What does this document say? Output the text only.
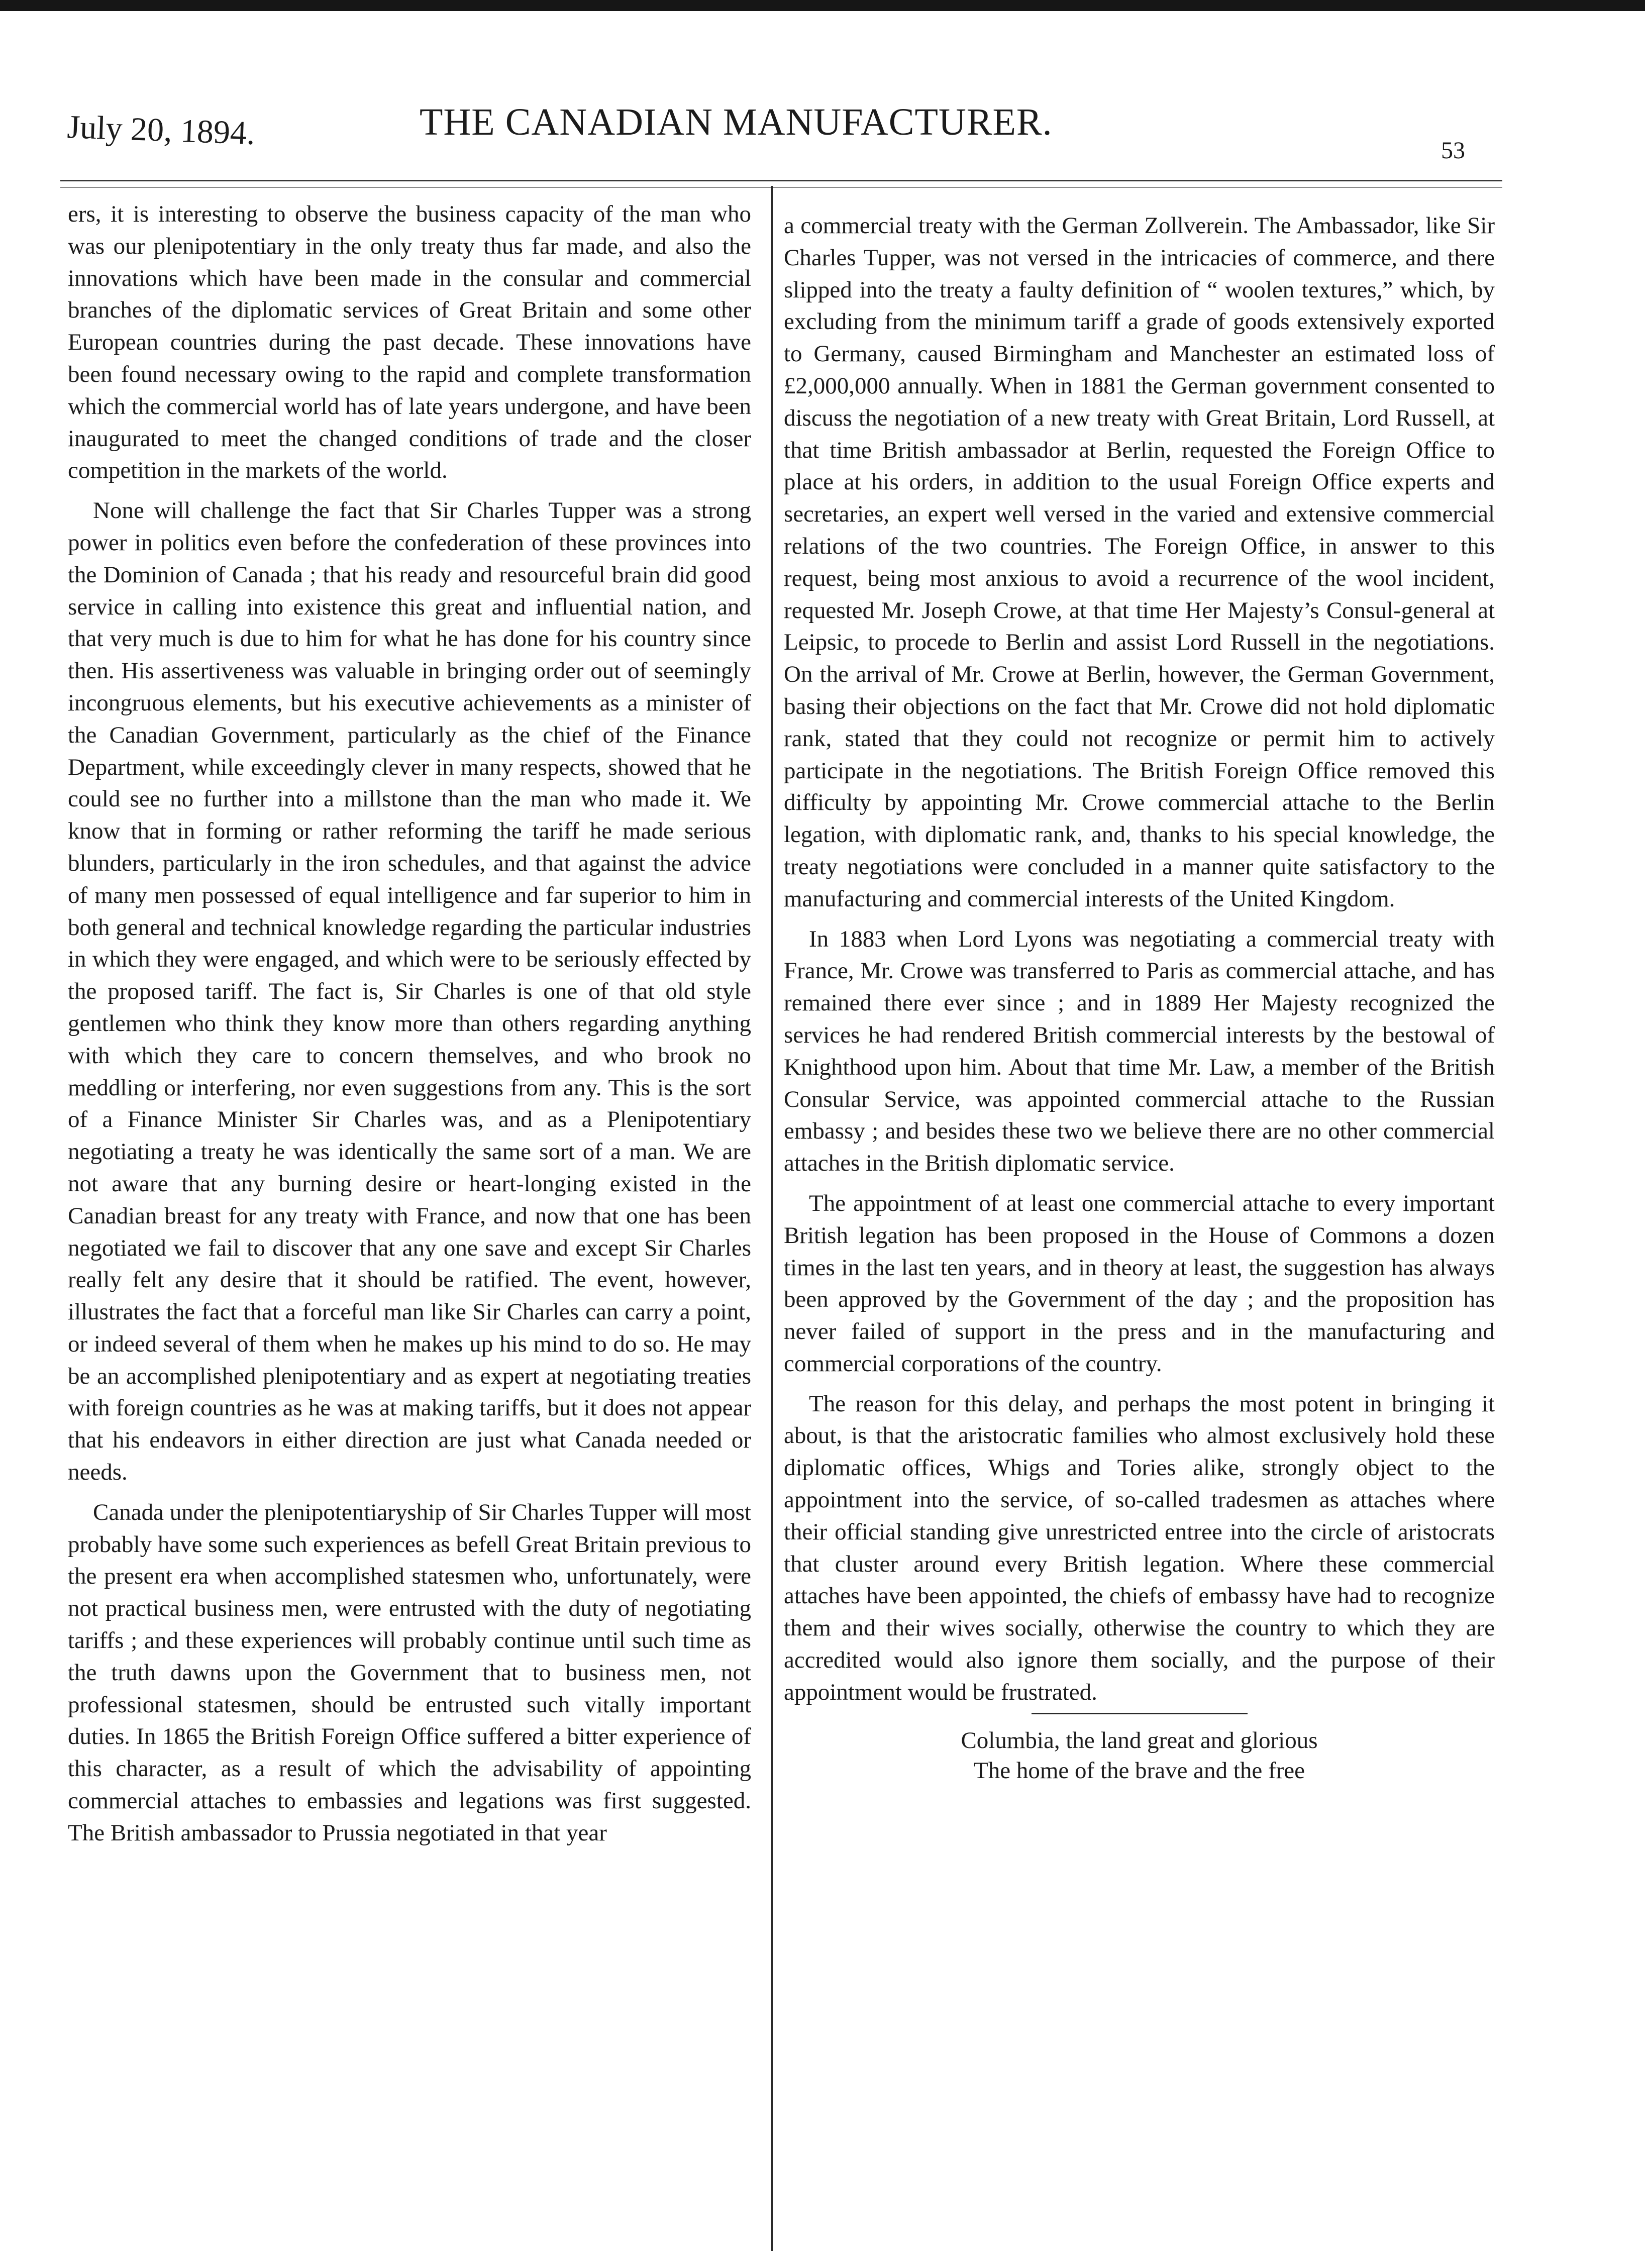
July 20, 1894.	THE CANADIAN MANUFACTURER.
53

ers, it is interesting to observe the business capacity of the man who was our plenipotentiary in the only treaty thus far made, and also the innovations which have been made in the consular and commercial branches of the diplomatic services of Great Britain and some other European countries during the past decade. These innovations have been found necessary owing to the rapid and complete transformation which the commercial world has of late years undergone, and have been inaugurated to meet the changed conditions of trade and the closer competition in the markets of the world.

None will challenge the fact that Sir Charles Tupper was a strong power in politics even before the confederation of these provinces into the Dominion of Canada ; that his ready and resourceful brain did good service in calling into existence this great and influential nation, and that very much is due to him for what he has done for his country since then. His assertiveness was valuable in bringing order out of seemingly incongruous elements, but his executive achievements as a minister of the Canadian Government, particularly as the chief of the Finance Department, while exceedingly clever in many respects, showed that he could see no further into a millstone than the man who made it. We know that in forming or rather reforming the tariff he made serious blunders, particularly in the iron schedules, and that against the advice of many men possessed of equal intelligence and far superior to him in both general and technical knowledge regarding the particular industries in which they were engaged, and which were to be seriously effected by the proposed tariff. The fact is, Sir Charles is one of that old style gentlemen who think they know more than others regarding anything with which they care to concern themselves, and who brook no meddling or interfering, nor even suggestions from any. This is the sort of a Finance Minister Sir Charles was, and as a Plenipotentiary negotiating a treaty he was identically the same sort of a man. We are not aware that any burning desire or heart-longing existed in the Canadian breast for any treaty with France, and now that one has been negotiated we fail to discover that any one save and except Sir Charles really felt any desire that it should be ratified. The event, however, illustrates the fact that a forceful man like Sir Charles can carry a point, or indeed several of them when he makes up his mind to do so. He may be an accomplished plenipotentiary and as expert at negotiating treaties with foreign countries as he was at making tariffs, but it does not appear that his endeavors in either direction are just what Canada needed or needs.

Canada under the plenipotentiaryship of Sir Charles Tupper will most probably have some such experiences as befell Great Britain previous to the present era when accomplished statesmen who, unfortunately, were not practical business men, were entrusted with the duty of negotiating tariffs ; and these experiences will probably continue until such time as the truth dawns upon the Government that to business men, not professional statesmen, should be entrusted such vitally important duties. In 1865 the British Foreign Office suffered a bitter experience of this character, as a result of which the advisability of appointing commercial attaches to embassies and legations was first suggested. The British ambassador to Prussia negotiated in that year

a commercial treaty with the German Zollverein. The Ambassador, like Sir Charles Tupper, was not versed in the intricacies of commerce, and there slipped into the treaty a faulty definition of “ woolen textures,” which, by excluding from the minimum tariff a grade of goods extensively exported to Germany, caused Birmingham and Manchester an estimated loss of £2,000,000 annually. When in 1881 the German government consented to discuss the negotiation of a new treaty with Great Britain, Lord Russell, at that time British ambassador at Berlin, requested the Foreign Office to place at his orders, in addition to the usual Foreign Office experts and secretaries, an expert well versed in the varied and extensive commercial relations of the two countries. The Foreign Office, in answer to this request, being most anxious to avoid a recurrence of the wool incident, requested Mr. Joseph Crowe, at that time Her Majesty’s Consul-general at Leipsic, to procede to Berlin and assist Lord Russell in the negotiations. On the arrival of Mr. Crowe at Berlin, however, the German Government, basing their objections on the fact that Mr. Crowe did not hold diplomatic rank, stated that they could not recognize or permit him to actively participate in the negotiations. The British Foreign Office removed this difficulty by appointing Mr. Crowe commercial attache to the Berlin legation, with diplomatic rank, and, thanks to his special knowledge, the treaty negotiations were concluded in a manner quite satisfactory to the manufacturing and commercial interests of the United Kingdom.

In 1883 when Lord Lyons was negotiating a commercial treaty with France, Mr. Crowe was transferred to Paris as commercial attache, and has remained there ever since ; and in 1889 Her Majesty recognized the services he had rendered British commercial interests by the bestowal of Knighthood upon him. About that time Mr. Law, a member of the British Consular Service, was appointed commercial attache to the Russian embassy ; and besides these two we believe there are no other commercial attaches in the British diplomatic service.

The appointment of at least one commercial attache to every important British legation has been proposed in the House of Commons a dozen times in the last ten years, and in theory at least, the suggestion has always been approved by the Government of the day ; and the proposition has never failed of support in the press and in the manufacturing and commercial corporations of the country.

The reason for this delay, and perhaps the most potent in bringing it about, is that the aristocratic families who almost exclusively hold these diplomatic offices, Whigs and Tories alike, strongly object to the appointment into the service, of so-called tradesmen as attaches where their official standing give unrestricted entree into the circle of aristocrats that cluster around every British legation. Where these commercial attaches have been appointed, the chiefs of embassy have had to recognize them and their wives socially, otherwise the country to which they are accredited would also ignore them socially, and the purpose of their appointment would be frustrated.

Columbia, the land great and glorious
The home of the brave and the free
